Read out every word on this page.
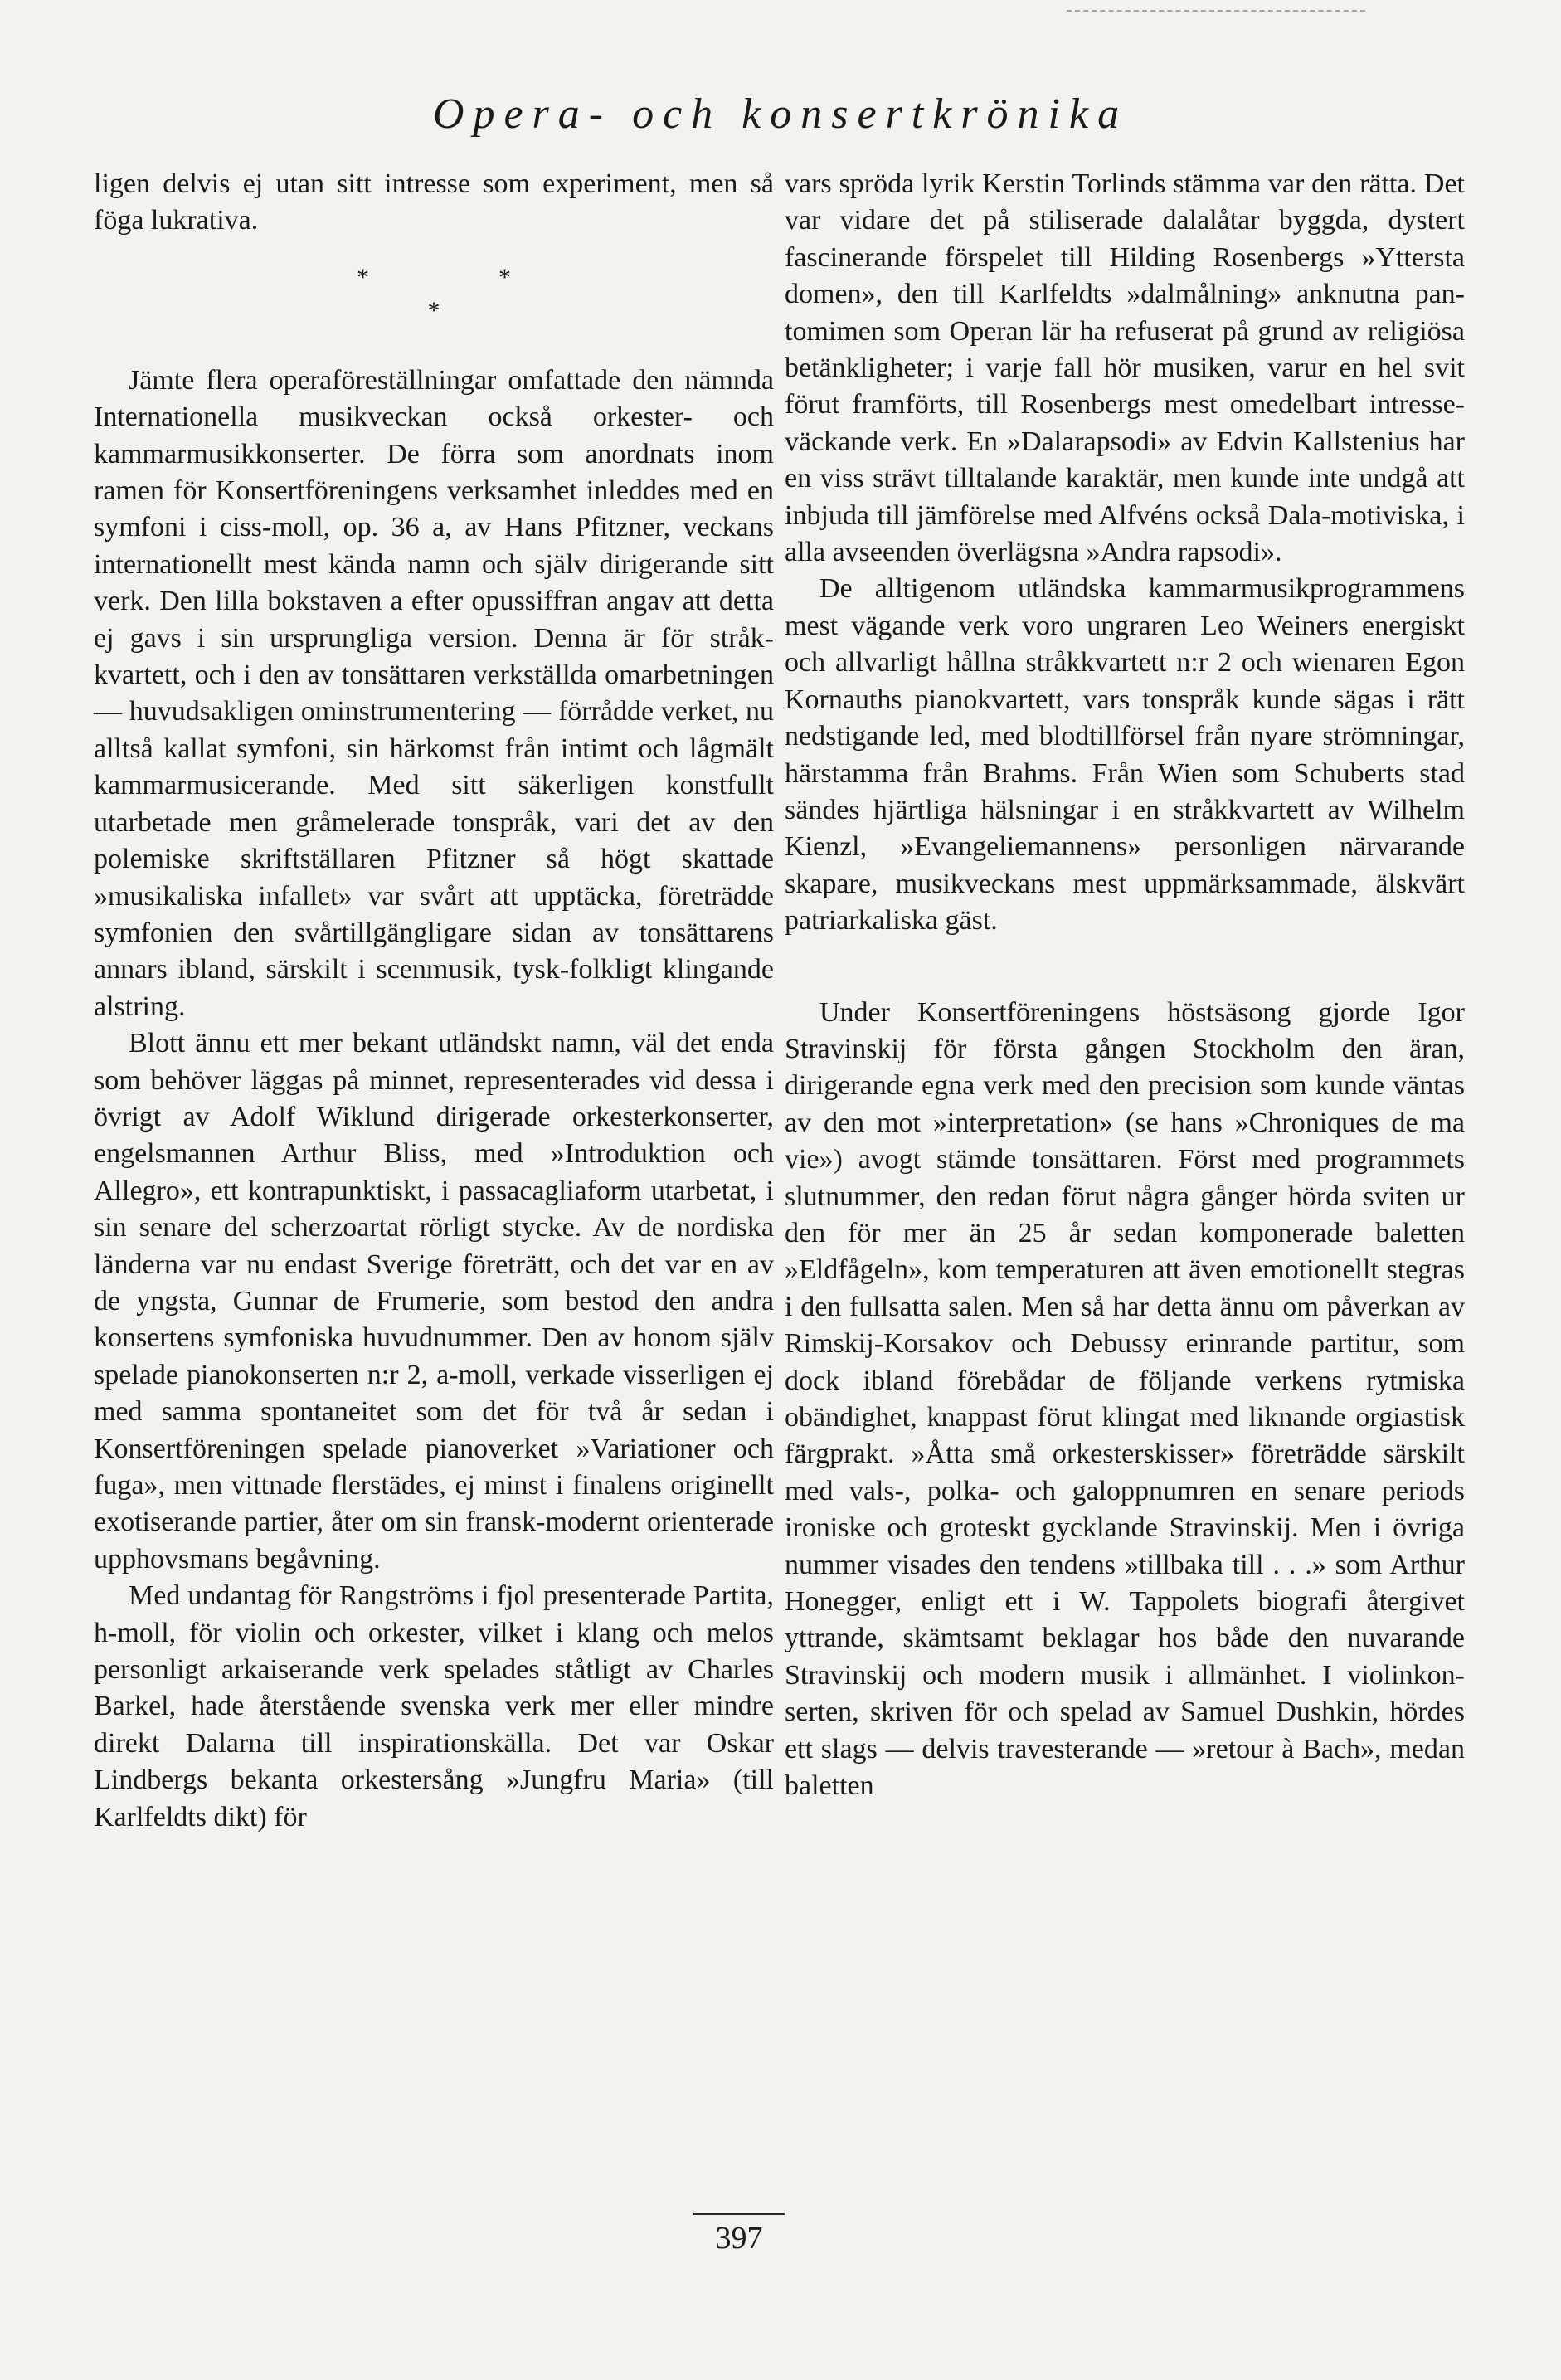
Opera- och konsertkrönika

ligen delvis ej utan sitt intresse som experiment, men så föga lukrativa.

*	*
*

Jämte flera operaföreställningar omfattade den nämnda Internationella musikveckan också orkester- och kammarmusikkonserter. De förra som anordnats inom ramen för Konsertföreningens verksamhet inleddes med en symfoni i ciss-moll, op. 36 a, av Hans Pfitzner, veckans internationellt mest kända namn och själv dirigerande sitt verk. Den lilla bokstaven a efter opussiffran angav att detta ej gavs i sin ursprungliga version. Denna är för stråkkvartett, och i den av tonsättaren verkställda omarbetningen — huvudsakligen ominstrumentering — förrådde verket, nu alltså kallat symfoni, sin härkomst från intimt och lågmält kammarmusicerande. Med sitt säkerligen konstfullt utarbetade men gråmelerade tonspråk, vari det av den polemiske skriftställaren Pfitzner så högt skattade »musikaliska infallet» var svårt att upptäcka, företrädde symfonien den svårtillgängligare sidan av tonsättarens annars ibland, särskilt i scenmusik, tysk-folkligt klingande alstring.

Blott ännu ett mer bekant utländskt namn, väl det enda som behöver läggas på minnet, representerades vid dessa i övrigt av Adolf Wiklund dirigerade orkesterkonserter, engelsmannen Arthur Bliss, med »Introduktion och Allegro», ett kontrapunktiskt, i passacagliaform utarbetat, i sin senare del scherzoartat rörligt stycke. Av de nordiska länderna var nu endast Sverige företrätt, och det var en av de yngsta, Gunnar de Frumerie, som bestod den andra konsertens symfoniska huvudnummer. Den av honom själv spelade pianokonserten n:r 2, a-moll, verkade visserligen ej med samma spontaneitet som det för två år sedan i Konsertföreningen spelade pianoverket »Variationer och fuga», men vittnade flerstädes, ej minst i finalens originellt exotiserande partier, åter om sin fransk-modernt orienterade upphovsmans begåvning.

Med undantag för Rangströms i fjol presenterade Partita, h-moll, för violin och orkester, vilket i klang och melos personligt arkaiserande verk spelades ståtligt av Charles Barkel, hade återstående svenska verk mer eller mindre direkt Dalarna till inspirationskälla. Det var Oskar Lindbergs bekanta orkestersång »Jungfru Maria» (till Karlfeldts dikt) för

vars spröda lyrik Kerstin Torlinds stämma var den rätta. Det var vidare det på stiliserade dalalåtar byggda, dystert fascinerande förspelet till Hilding Rosenbergs »Yttersta domen», den till Karlfeldts »dalmålning» anknutna pantomimen som Operan lär ha refuserat på grund av religiösa betänkligheter; i varje fall hör musiken, varur en hel svit förut framförts, till Rosenbergs mest omedelbart intresseväckande verk. En »Dalarapsodi» av Edvin Kallstenius har en viss strävt tilltalande karaktär, men kunde inte undgå att inbjuda till jämförelse med Alfvéns också Dala-motiviska, i alla avseenden överlägsna »Andra rapsodi».

De alltigenom utländska kammarmusikprogrammens mest vägande verk voro ungraren Leo Weiners energiskt och allvarligt hållna stråkkvartett n:r 2 och wienaren Egon Kornauths pianokvartett, vars tonspråk kunde sägas i rätt nedstigande led, med blodtillförsel från nyare strömningar, härstamma från Brahms. Från Wien som Schuberts stad sändes hjärtliga hälsningar i en stråkkvartett av Wilhelm Kienzl, »Evangeliemannens» personligen närvarande skapare, musikveckans mest uppmärksammade, älskvärt patriarkaliska gäst.

Under Konsertföreningens höstsäsong gjorde Igor Stravinskij för första gången Stockholm den äran, dirigerande egna verk med den precision som kunde väntas av den mot »interpretation» (se hans »Chroniques de ma vie») avogt stämde tonsättaren. Först med programmets slutnummer, den redan förut några gånger hörda sviten ur den för mer än 25 år sedan komponerade baletten »Eldfågeln», kom temperaturen att även emotionellt stegras i den fullsatta salen. Men så har detta ännu om påverkan av Rimskij-Korsakov och Debussy erinrande partitur, som dock ibland förebådar de följande verkens rytmiska obändighet, knappast förut klingat med liknande orgiastisk färgprakt. »Åtta små orkesterskisser» företrädde särskilt med vals-, polka- och galoppnumren en senare periods ironiske och groteskt gycklande Stravinskij. Men i övriga nummer visades den tendens »tillbaka till . . .» som Arthur Honegger, enligt ett i W. Tappolets biografi återgivet yttrande, skämtsamt beklagar hos både den nuvarande Stravinskij och modern musik i allmänhet. I violinkonserten, skriven för och spelad av Samuel Dushkin, hördes ett slags — delvis travesterande — »retour à Bach», medan baletten

397
